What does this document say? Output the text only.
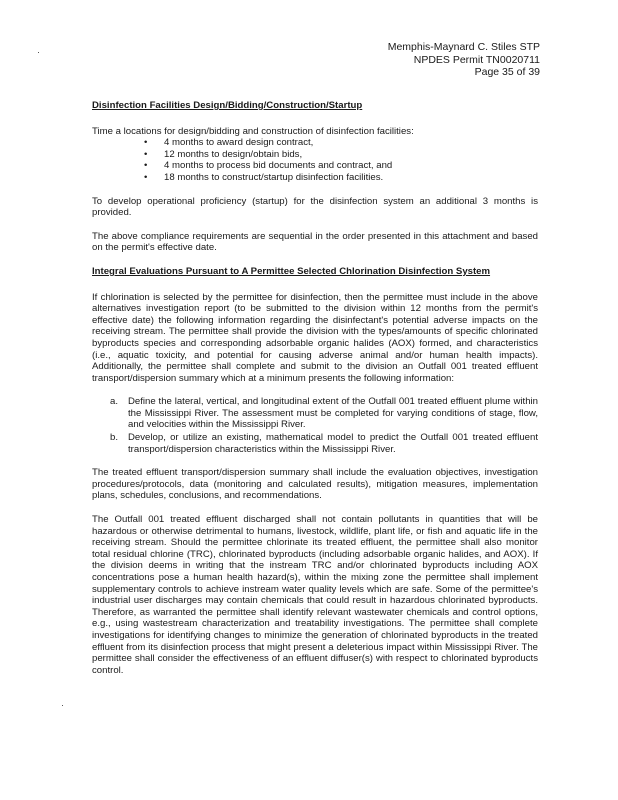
Memphis-Maynard C. Stiles STP
NPDES Permit TN0020711
Page 35 of 39
Disinfection Facilities Design/Bidding/Construction/Startup

Time a locations for design/bidding and construction of disinfection facilities:

• 4 months to award design contract,
• 12 months to design/obtain bids,
• 4 months to process bid documents and contract, and
• 18 months to construct/startup disinfection facilities.

To develop operational proficiency (startup) for the disinfection system an additional 3 months is provided.

The above compliance requirements are sequential in the order presented in this attachment and based on the permit's effective date.

Integral Evaluations Pursuant to A Permittee Selected Chlorination Disinfection System

If chlorination is selected by the permittee for disinfection, then the permittee must include in the above alternatives investigation report (to be submitted to the division within 12 months from the permit's effective date) the following information regarding the disinfectant's potential adverse impacts on the receiving stream. The permittee shall provide the division with the types/amounts of specific chlorinated byproducts species and corresponding adsorbable organic halides (AOX) formed, and characteristics (i.e., aquatic toxicity, and potential for causing adverse animal and/or human health impacts). Additionally, the permittee shall complete and submit to the division an Outfall 001 treated effluent transport/dispersion summary which at a minimum presents the following information:

a. Define the lateral, vertical, and longitudinal extent of the Outfall 001 treated effluent plume within the Mississippi River. The assessment must be completed for varying conditions of stage, flow, and velocities within the Mississippi River.
b. Develop, or utilize an existing, mathematical model to predict the Outfall 001 treated effluent transport/dispersion characteristics within the Mississippi River.

The treated effluent transport/dispersion summary shall include the evaluation objectives, investigation procedures/protocols, data (monitoring and calculated results), mitigation measures, implementation plans, schedules, conclusions, and recommendations.

The Outfall 001 treated effluent discharged shall not contain pollutants in quantities that will be hazardous or otherwise detrimental to humans, livestock, wildlife, plant life, or fish and aquatic life in the receiving stream. Should the permittee chlorinate its treated effluent, the permittee shall also monitor total residual chlorine (TRC), chlorinated byproducts (including adsorbable organic halides, and AOX). If the division deems in writing that the instream TRC and/or chlorinated byproducts including AOX concentrations pose a human health hazard(s), within the mixing zone the permittee shall implement supplementary controls to achieve instream water quality levels which are safe. Some of the permittee's industrial user discharges may contain chemicals that could result in hazardous chlorinated byproducts. Therefore, as warranted the permittee shall identify relevant wastewater chemicals and control options, e.g., using wastestream characterization and treatability investigations. The permittee shall complete investigations for identifying changes to minimize the generation of chlorinated byproducts in the treated effluent from its disinfection process that might present a deleterious impact within Mississippi River. The permittee shall consider the effectiveness of an effluent diffuser(s) with respect to chlorinated byproducts control.
